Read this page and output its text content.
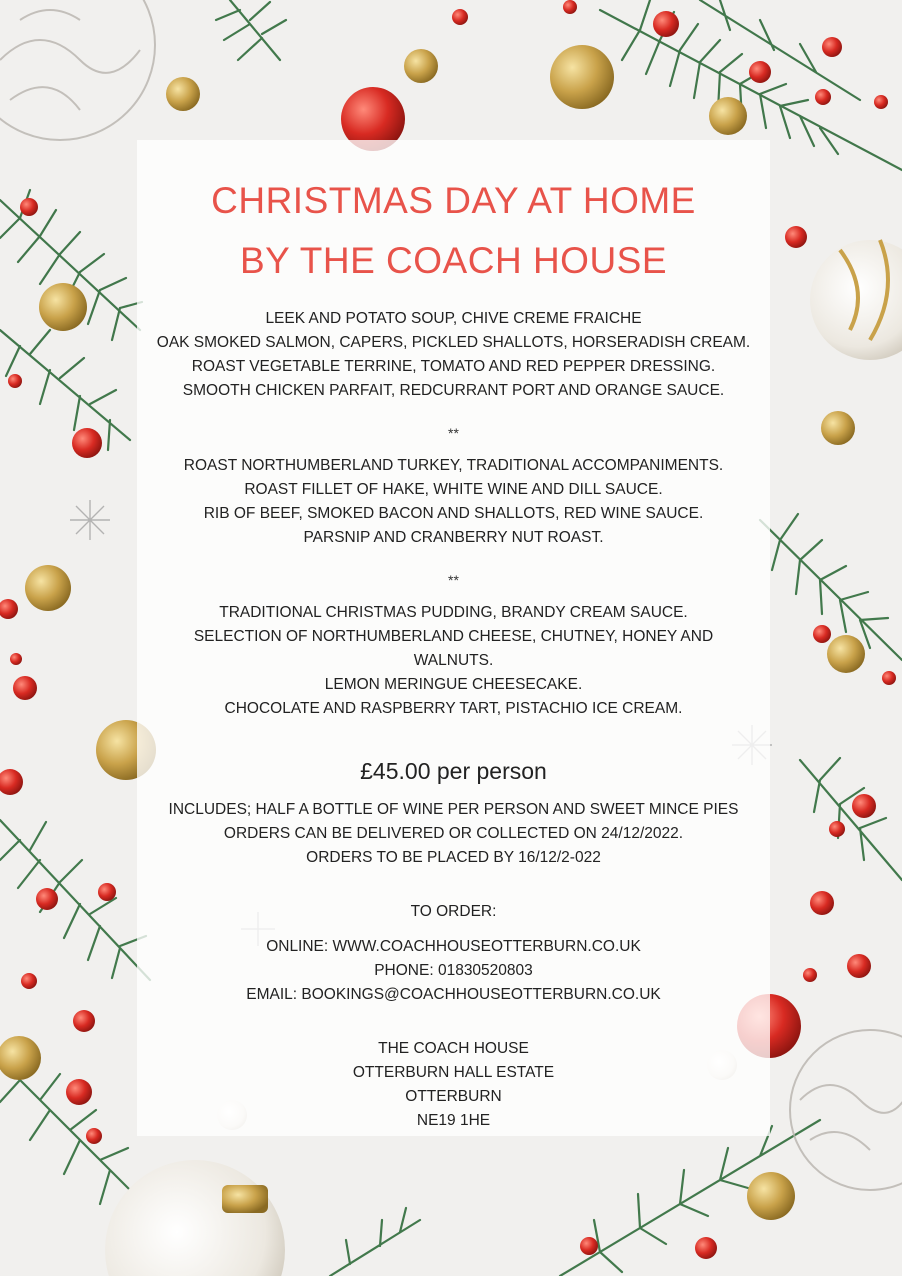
CHRISTMAS DAY AT HOME
BY THE COACH HOUSE
LEEK AND POTATO SOUP, CHIVE CREME FRAICHE
OAK SMOKED SALMON, CAPERS, PICKLED SHALLOTS, HORSERADISH CREAM.
ROAST VEGETABLE TERRINE, TOMATO AND RED PEPPER DRESSING.
SMOOTH CHICKEN PARFAIT, REDCURRANT PORT AND ORANGE SAUCE.
**
ROAST NORTHUMBERLAND TURKEY, TRADITIONAL ACCOMPANIMENTS.
ROAST FILLET OF HAKE, WHITE WINE AND DILL SAUCE.
RIB OF BEEF, SMOKED BACON AND SHALLOTS, RED WINE SAUCE.
PARSNIP AND CRANBERRY NUT ROAST.
**
TRADITIONAL CHRISTMAS PUDDING, BRANDY CREAM SAUCE.
SELECTION OF NORTHUMBERLAND CHEESE, CHUTNEY, HONEY AND
WALNUTS.
LEMON MERINGUE CHEESECAKE.
CHOCOLATE AND RASPBERRY TART, PISTACHIO ICE CREAM.
£45.00 per person
INCLUDES; HALF A BOTTLE OF WINE PER PERSON AND SWEET MINCE PIES
ORDERS CAN BE DELIVERED OR COLLECTED ON 24/12/2022.
ORDERS TO BE PLACED BY 16/12/2-022
TO ORDER:
ONLINE: WWW.COACHHOUSEOTTERBURN.CO.UK
PHONE: 01830520803
EMAIL: BOOKINGS@COACHHOUSEOTTERBURN.CO.UK
THE COACH HOUSE
OTTERBURN HALL ESTATE
OTTERBURN
NE19 1HE
